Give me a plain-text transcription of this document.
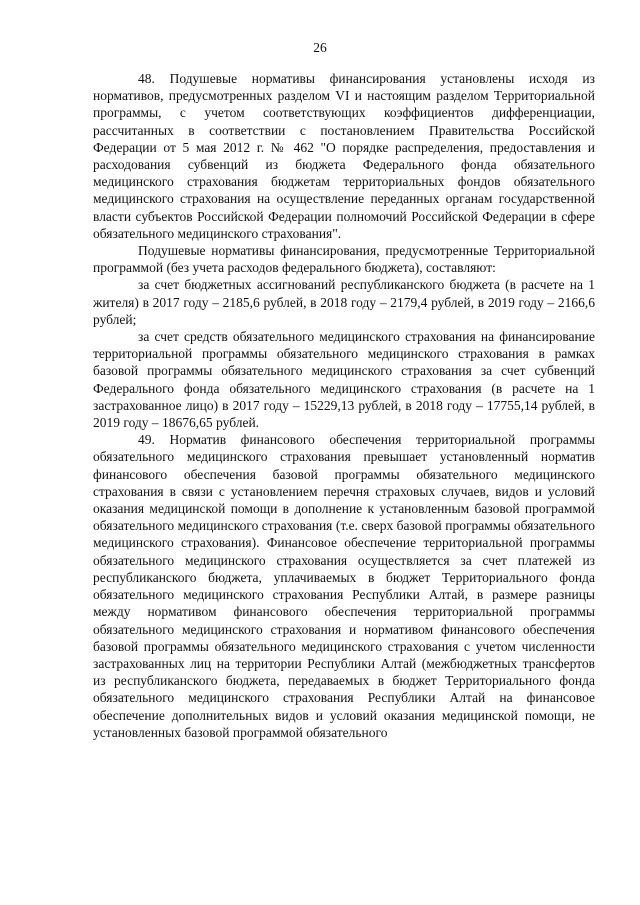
26

48. Подушевые нормативы финансирования установлены исходя из нормативов, предусмотренных разделом VI и настоящим разделом Территориальной программы, с учетом соответствующих коэффициентов дифференциации, рассчитанных в соответствии с постановлением Правительства Российской Федерации от 5 мая 2012 г. № 462 "О порядке распределения, предоставления и расходования субвенций из бюджета Федерального фонда обязательного медицинского страхования бюджетам территориальных фондов обязательного медицинского страхования на осуществление переданных органам государственной власти субъектов Российской Федерации полномочий Российской Федерации в сфере обязательного медицинского страхования".

Подушевые нормативы финансирования, предусмотренные Территориальной программой (без учета расходов федерального бюджета), составляют:

за счет бюджетных ассигнований республиканского бюджета (в расчете на 1 жителя) в 2017 году – 2185,6 рублей, в 2018 году – 2179,4 рублей, в 2019 году – 2166,6 рублей;

за счет средств обязательного медицинского страхования на финансирование территориальной программы обязательного медицинского страхования в рамках базовой программы обязательного медицинского страхования за счет субвенций Федерального фонда обязательного медицинского страхования (в расчете на 1 застрахованное лицо) в 2017 году – 15229,13 рублей, в 2018 году – 17755,14 рублей, в 2019 году – 18676,65 рублей.

49. Норматив финансового обеспечения территориальной программы обязательного медицинского страхования превышает установленный норматив финансового обеспечения базовой программы обязательного медицинского страхования в связи с установлением перечня страховых случаев, видов и условий оказания медицинской помощи в дополнение к установленным базовой программой обязательного медицинского страхования (т.е. сверх базовой программы обязательного медицинского страхования). Финансовое обеспечение территориальной программы обязательного медицинского страхования осуществляется за счет платежей из республиканского бюджета, уплачиваемых в бюджет Территориального фонда обязательного медицинского страхования Республики Алтай, в размере разницы между нормативом финансового обеспечения территориальной программы обязательного медицинского страхования и нормативом финансового обеспечения базовой программы обязательного медицинского страхования с учетом численности застрахованных лиц на территории Республики Алтай (межбюджетных трансфертов из республиканского бюджета, передаваемых в бюджет Территориального фонда обязательного медицинского страхования Республики Алтай на финансовое обеспечение дополнительных видов и условий оказания медицинской помощи, не установленных базовой программой обязательного
